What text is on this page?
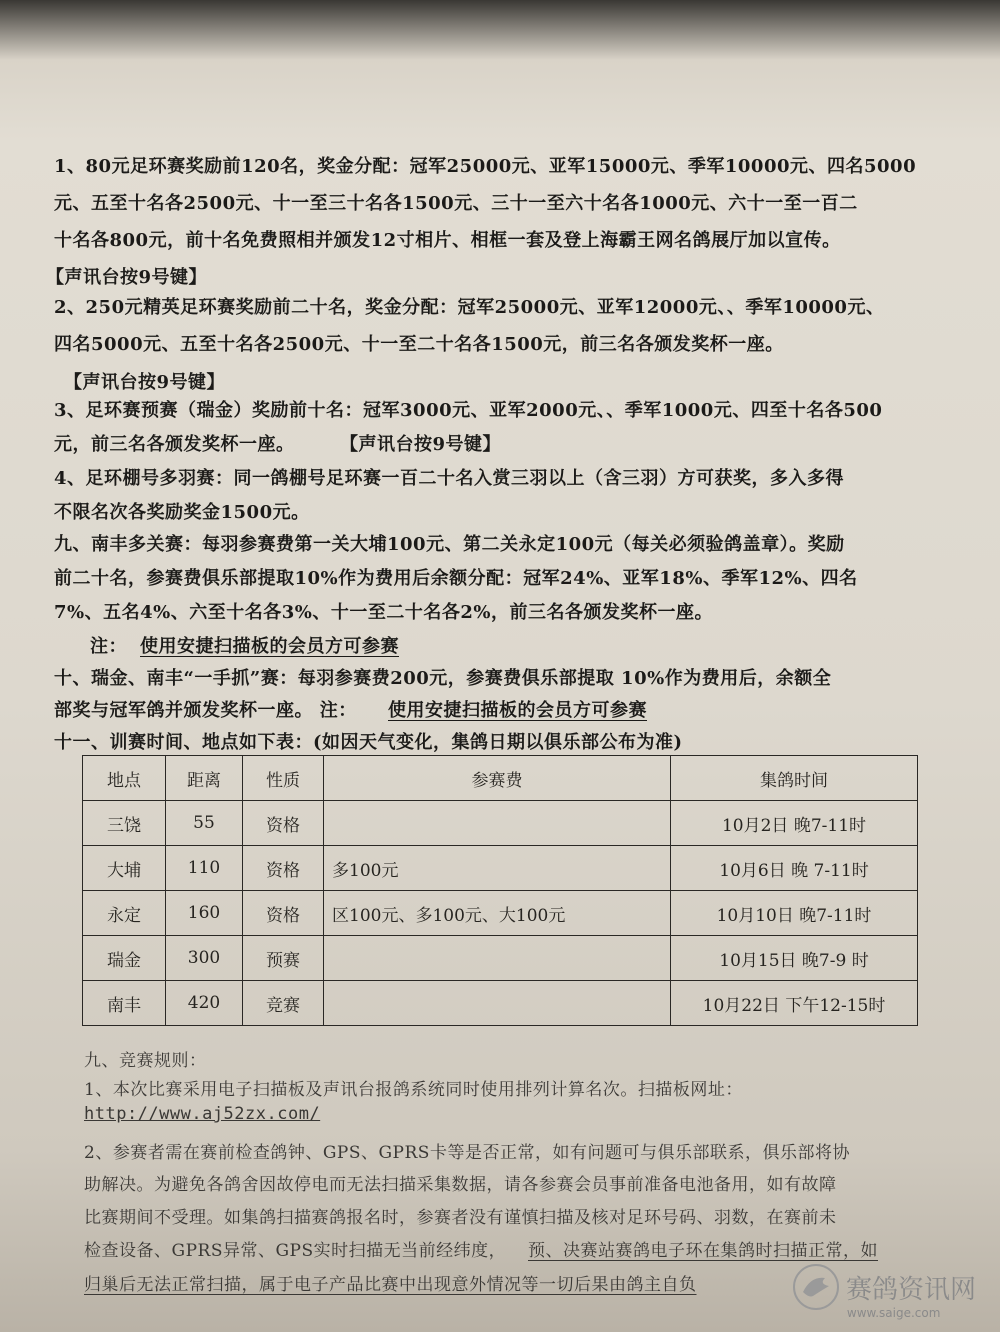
1、80元足环赛奖励前120名，奖金分配：冠军25000元、亚军15000元、季军10000元、四名5000
元、五至十名各2500元、十一至三十名各1500元、三十一至六十名各1000元、六十一至一百二
十名各800元，前十名免费照相并颁发12寸相片、相框一套及登上海霸王网名鸽展厅加以宣传。
【声讯台按9号键】
2、250元精英足环赛奖励前二十名，奖金分配：冠军25000元、亚军12000元、、季军10000元、
四名5000元、五至十名各2500元、十一至二十名各1500元，前三名各颁发奖杯一座。
【声讯台按9号键】
3、足环赛预赛（瑞金）奖励前十名：冠军3000元、亚军2000元、、季军1000元、四至十名各500
元，前三名各颁发奖杯一座。	【声讯台按9号键】
4、足环棚号多羽赛：同一鸽棚号足环赛一百二十名入赏三羽以上（含三羽）方可获奖，多入多得
不限名次各奖励奖金1500元。
九、南丰多关赛：每羽参赛费第一关大埔100元、第二关永定100元（每关必须验鸽盖章）。奖励
前二十名，参赛费俱乐部提取10%作为费用后余额分配：冠军24%、亚军18%、季军12%、四名
7%、五名4%、六至十名各3%、十一至二十名各2%，前三名各颁发奖杯一座。
注： 使用安捷扫描板的会员方可参赛
十、瑞金、南丰“一手抓”赛：每羽参赛费200元，参赛费俱乐部提取 10%作为费用后，余额全
部奖与冠军鸽并颁发奖杯一座。 注： 使用安捷扫描板的会员方可参赛
十一、训赛时间、地点如下表：(如因天气变化，集鸽日期以俱乐部公布为准)
地点	距离	性质	参赛费	集鸽时间
三饶	55	资格		10月2日 晚7-11时
大埔	110	资格	多100元	10月6日 晚 7-11时
永定	160	资格	区100元、多100元、大100元	10月10日 晚7-11时
瑞金	300	预赛		10月15日 晚7-9 时
南丰	420	竞赛		10月22日 下午12-15时
九、竞赛规则：
1、本次比赛采用电子扫描板及声讯台报鸽系统同时使用排列计算名次。扫描板网址：
http://www.aj52zx.com/
2、参赛者需在赛前检查鸽钟、GPS、GPRS卡等是否正常，如有问题可与俱乐部联系，俱乐部将协
助解决。为避免各鸽舍因故停电而无法扫描采集数据，请各参赛会员事前准备电池备用，如有故障
比赛期间不受理。如集鸽扫描赛鸽报名时，参赛者没有谨慎扫描及核对足环号码、羽数，在赛前未
检查设备、GPRS异常、GPS实时扫描无当前经纬度， 预、决赛站赛鸽电子环在集鸽时扫描正常，如
归巢后无法正常扫描，属于电子产品比赛中出现意外情况等一切后果由鸽主自负	赛鸽资讯网
www.saige.com
